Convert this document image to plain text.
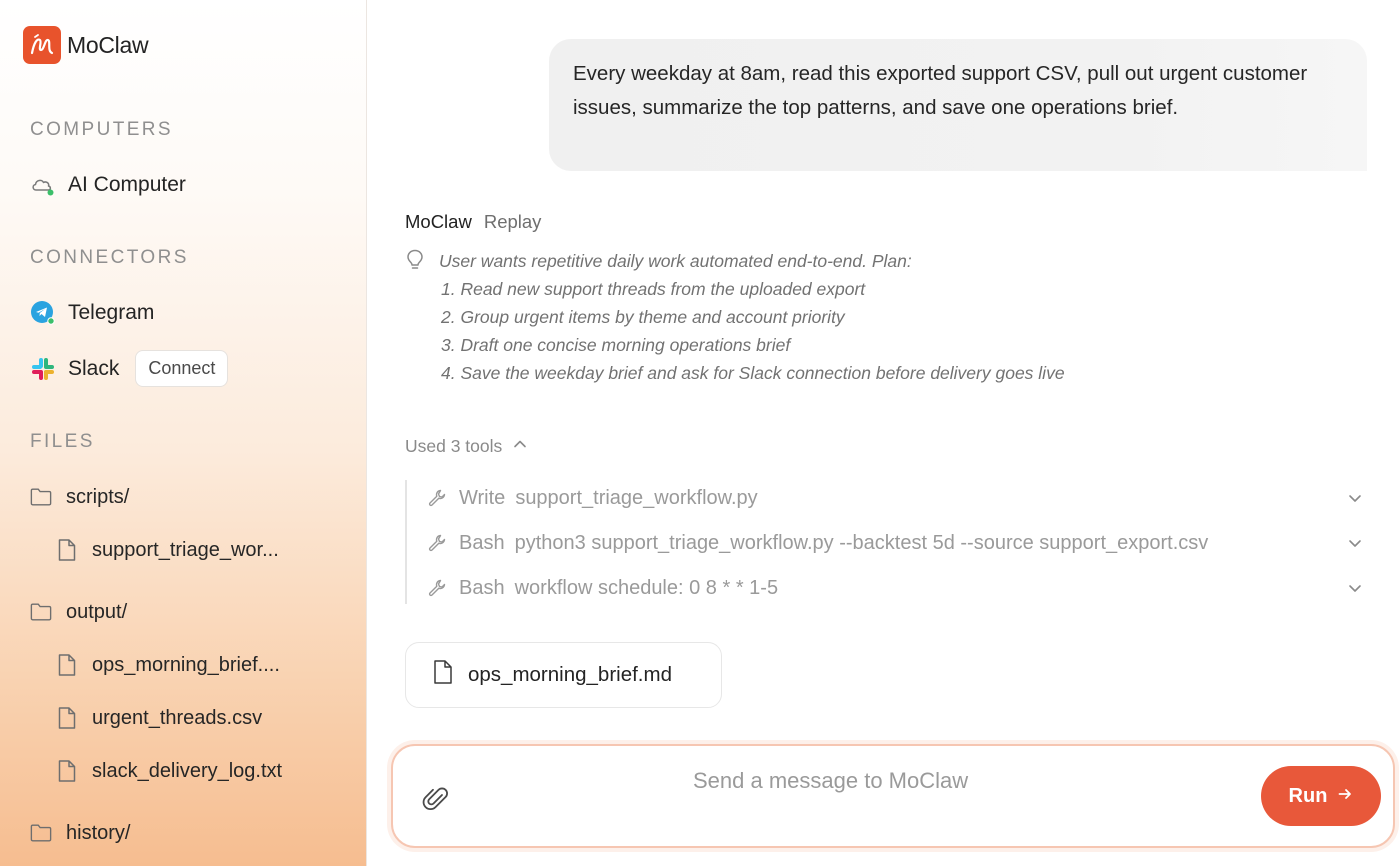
MoClaw
COMPUTERS
AI Computer
CONNECTORS
Telegram
Slack	Connect
FILES
scripts/
support_triage_wor...
output/
ops_morning_brief....
urgent_threads.csv
slack_delivery_log.txt
history/
Every weekday at 8am, read this exported support CSV, pull out urgent customer issues, summarize the top patterns, and save one operations brief.
MoClaw Replay
User wants repetitive daily work automated end-to-end. Plan:
1. Read new support threads from the uploaded export
2. Group urgent items by theme and account priority
3. Draft one concise morning operations brief
4. Save the weekday brief and ask for Slack connection before delivery goes live
Used 3 tools
Write support_triage_workflow.py
Bash python3 support_triage_workflow.py --backtest 5d --source support_export.csv
Bash workflow schedule: 0 8 * * 1-5
ops_morning_brief.md
Send a message to MoClaw
Run
